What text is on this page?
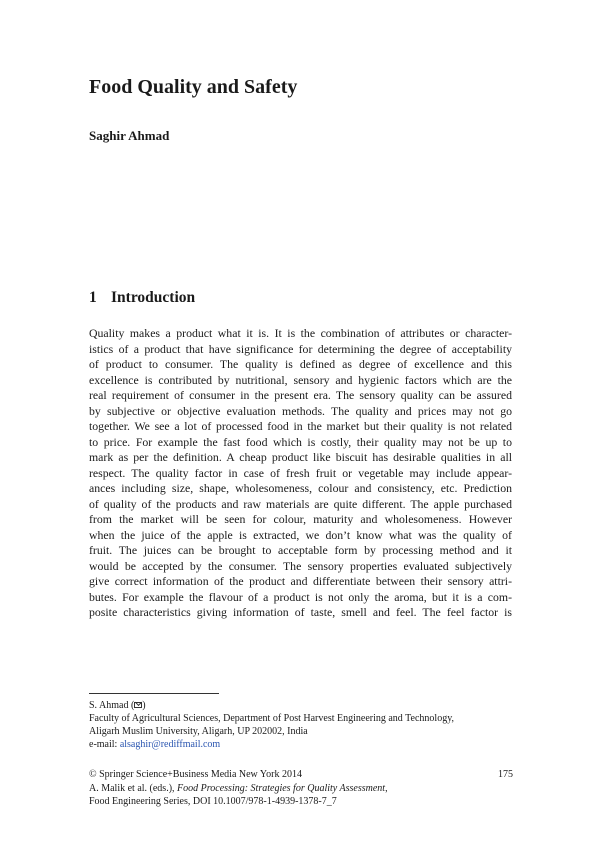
Food Quality and Safety

Saghir Ahmad

1 Introduction
Quality makes a product what it is. It is the combination of attributes or character-
istics of a product that have significance for determining the degree of acceptability
of product to consumer. The quality is defined as degree of excellence and this
excellence is contributed by nutritional, sensory and hygienic factors which are the
real requirement of consumer in the present era. The sensory quality can be assured
by subjective or objective evaluation methods. The quality and prices may not go
together. We see a lot of processed food in the market but their quality is not related
to price. For example the fast food which is costly, their quality may not be up to
mark as per the definition. A cheap product like biscuit has desirable qualities in all
respect. The quality factor in case of fresh fruit or vegetable may include appear-
ances including size, shape, wholesomeness, colour and consistency, etc. Prediction
of quality of the products and raw materials are quite different. The apple purchased
from the market will be seen for colour, maturity and wholesomeness. However
when the juice of the apple is extracted, we don’t know what was the quality of
fruit. The juices can be brought to acceptable form by processing method and it
would be accepted by the consumer. The sensory properties evaluated subjectively
give correct information of the product and differentiate between their sensory attri-
butes. For example the flavour of a product is not only the aroma, but it is a com-
posite characteristics giving information of taste, smell and feel. The feel factor is
S. Ahmad ( )
Faculty of Agricultural Sciences, Department of Post Harvest Engineering and Technology,
Aligarh Muslim University, Aligarh, UP 202002, India
e-mail: alsaghir@rediffmail.com
175
© Springer Science+Business Media New York 2014
A. Malik et al. (eds.), Food Processing: Strategies for Quality Assessment,
Food Engineering Series, DOI 10.1007/978-1-4939-1378-7_7
